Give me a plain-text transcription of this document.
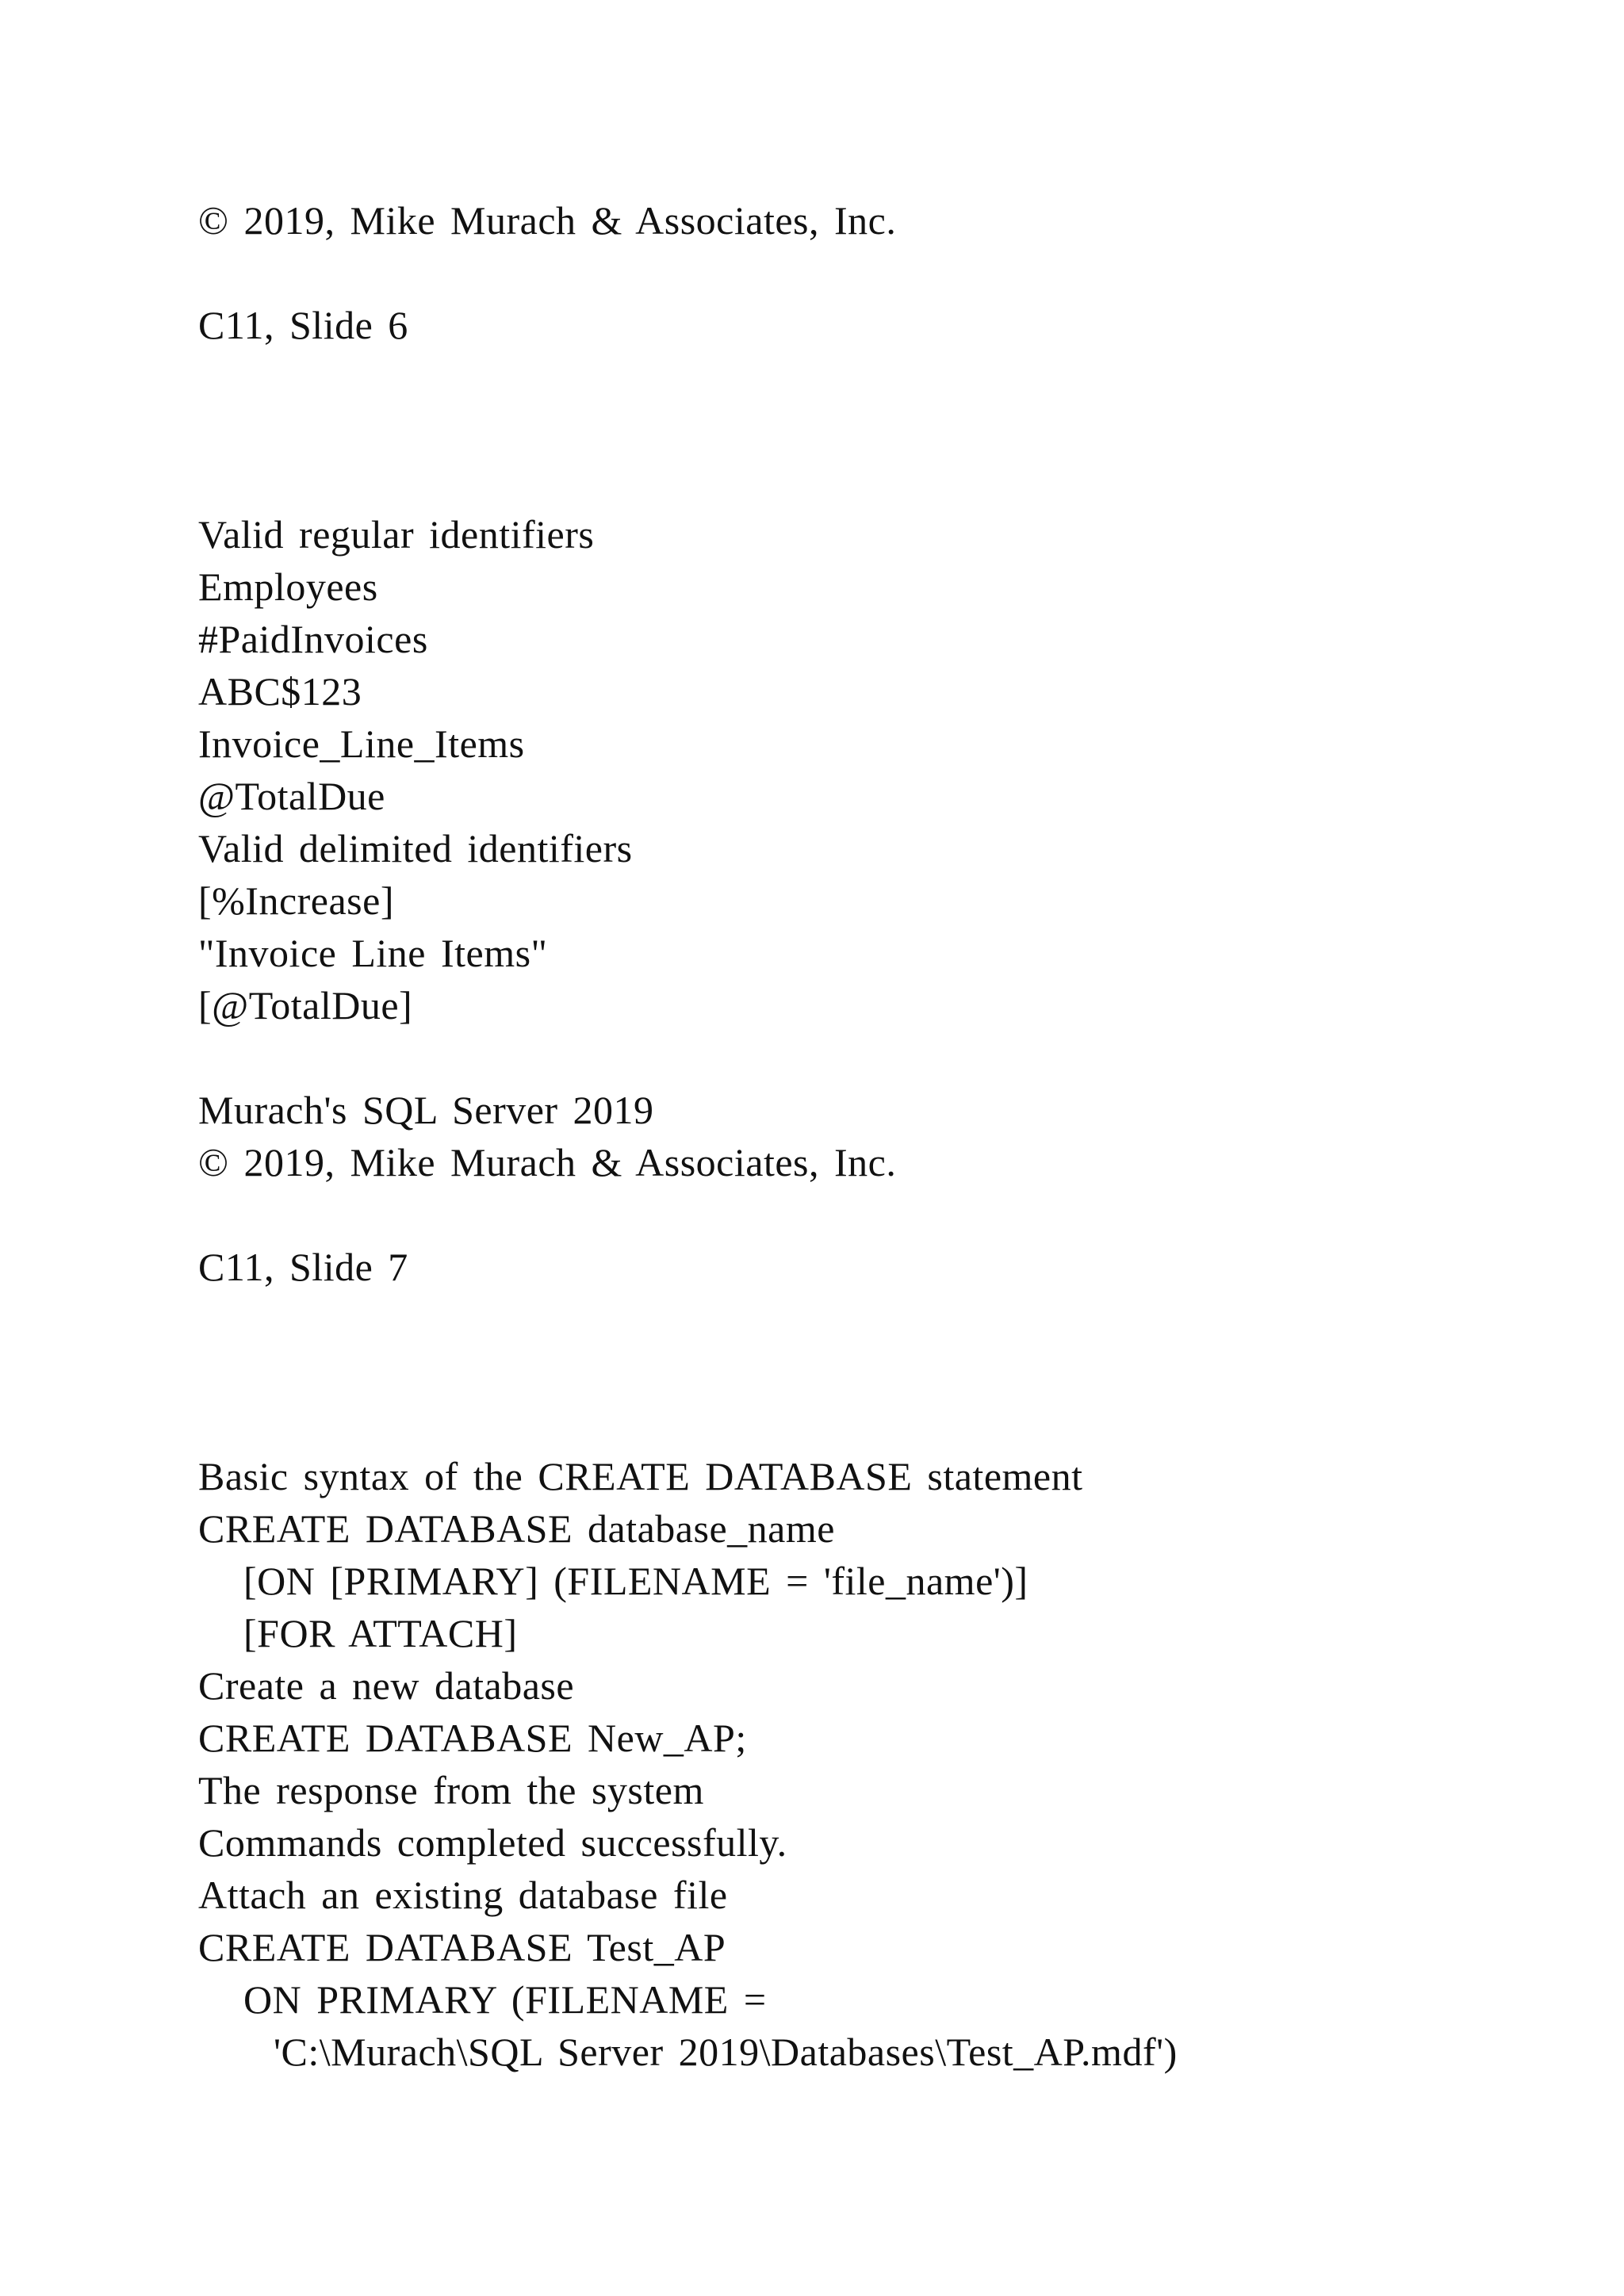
© 2019, Mike Murach & Associates, Inc.
C11, Slide 6
Valid regular identifiers
Employees
#PaidInvoices
ABC$123
Invoice_Line_Items
@TotalDue
Valid delimited identifiers
[%Increase]
"Invoice Line Items"
[@TotalDue]
Murach's SQL Server 2019
© 2019, Mike Murach & Associates, Inc.
C11, Slide 7
Basic syntax of the CREATE DATABASE statement
CREATE DATABASE database_name
[ON [PRIMARY] (FILENAME = 'file_name')]
[FOR ATTACH]
Create a new database
CREATE DATABASE New_AP;
The response from the system
Commands completed successfully.
Attach an existing database file
CREATE DATABASE Test_AP
ON PRIMARY (FILENAME =
'C:\Murach\SQL Server 2019\Databases\Test_AP.mdf')
